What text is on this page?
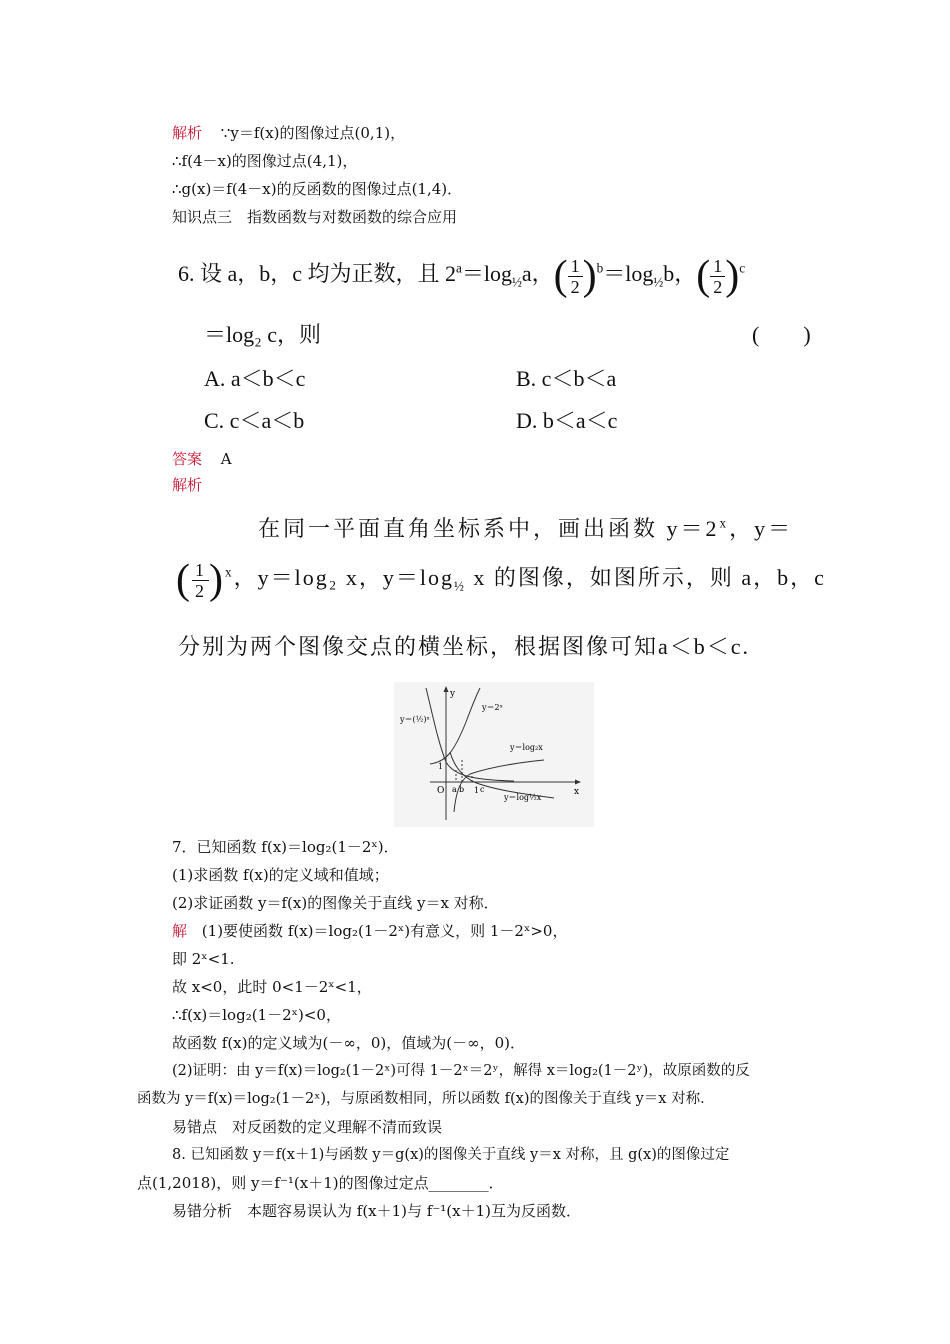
解析 ∵y＝f(x)的图像过点(0,1)，
∴f(4－x)的图像过点(4,1)，
∴g(x)＝f(4－x)的反函数的图像过点(1,4)．
知识点三　指数函数与对数函数的综合应用
6. 设 a，b，c 均为正数，且 $2^a=\log_{\frac{1}{2}}a$，( $\frac{1}{2} )^b=\log_{\frac{1}{2}}b$，( $\frac{1}{2} )^c$
＝log₂ c，则	(　　)
A. a＜b＜c	B. c＜b＜a
C. c＜a＜b	D. b＜a＜c
答案 A
解析
在同一平面直角坐标系中，画出函数 $y=2^x$，y＝
( $\frac{1}{2} )^x$，y＝log₂ x，$y=\log_{\frac{1}{2}}$ x 的图像，如图所示，则 a，b，c
分别为两个图像交点的横坐标，根据图像可知a＜b＜c.
y
x
O
1
1
a b c
y＝2ˣ
y＝(½)ˣ
y＝log₂x
y＝log½x
7．已知函数 f(x)＝log₂(1－2ˣ)．
(1)求函数 f(x)的定义域和值域；
(2)求证函数 y＝f(x)的图像关于直线 y＝x 对称．
解 (1)要使函数 f(x)＝log₂(1－2ˣ)有意义，则 1－2ˣ>0，
即 2ˣ<1.
故 x<0，此时 0<1－2ˣ<1，
∴f(x)＝log₂(1－2ˣ)<0，
故函数 f(x)的定义域为(－∞，0)，值域为(－∞，0)．
(2)证明：由 y＝f(x)＝log₂(1－2ˣ)可得 1－2ˣ＝2ʸ，解得 x＝log₂(1－2ʸ)，故原函数的反
函数为 y＝f(x)＝log₂(1－2ˣ)，与原函数相同，所以函数 f(x)的图像关于直线 y＝x 对称．
易错点　对反函数的定义理解不清而致误
8. 已知函数 y＝f(x＋1)与函数 y＝g(x)的图像关于直线 y＝x 对称，且 g(x)的图像过定
点(1,2018)，则 y＝f⁻¹(x＋1)的图像过定点________．
易错分析　本题容易误认为 f(x＋1)与 f⁻¹(x＋1)互为反函数．
